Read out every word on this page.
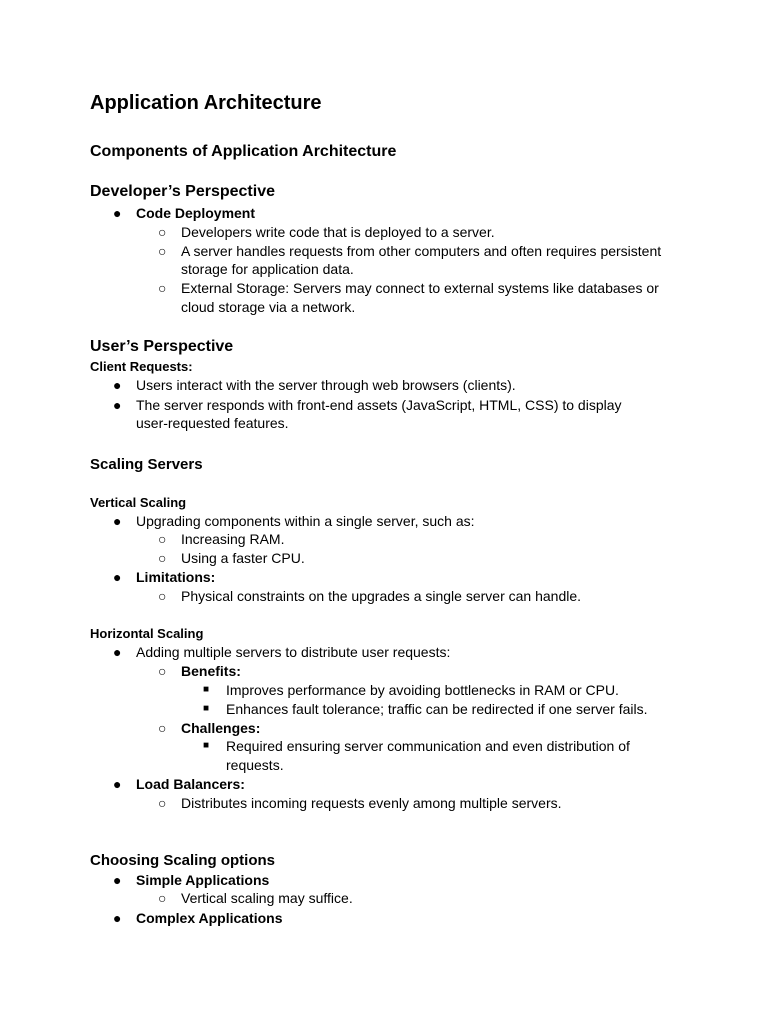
Application Architecture
Components of Application Architecture
Developer’s Perspective
● Code Deployment
○ Developers write code that is deployed to a server.
○ A server handles requests from other computers and often requires persistent
storage for application data.
○ External Storage: Servers may connect to external systems like databases or
cloud storage via a network.
User’s Perspective
Client Requests:
● Users interact with the server through web browsers (clients).
● The server responds with front-end assets (JavaScript, HTML, CSS) to display
user-requested features.
Scaling Servers
Vertical Scaling
● Upgrading components within a single server, such as:
○ Increasing RAM.
○ Using a faster CPU.
● Limitations:
○ Physical constraints on the upgrades a single server can handle.
Horizontal Scaling
● Adding multiple servers to distribute user requests:
○ Benefits:
■ Improves performance by avoiding bottlenecks in RAM or CPU.
■ Enhances fault tolerance; traffic can be redirected if one server fails.
○ Challenges:
■ Required ensuring server communication and even distribution of
requests.
● Load Balancers:
○ Distributes incoming requests evenly among multiple servers.
Choosing Scaling options
● Simple Applications
○ Vertical scaling may suffice.
● Complex Applications
